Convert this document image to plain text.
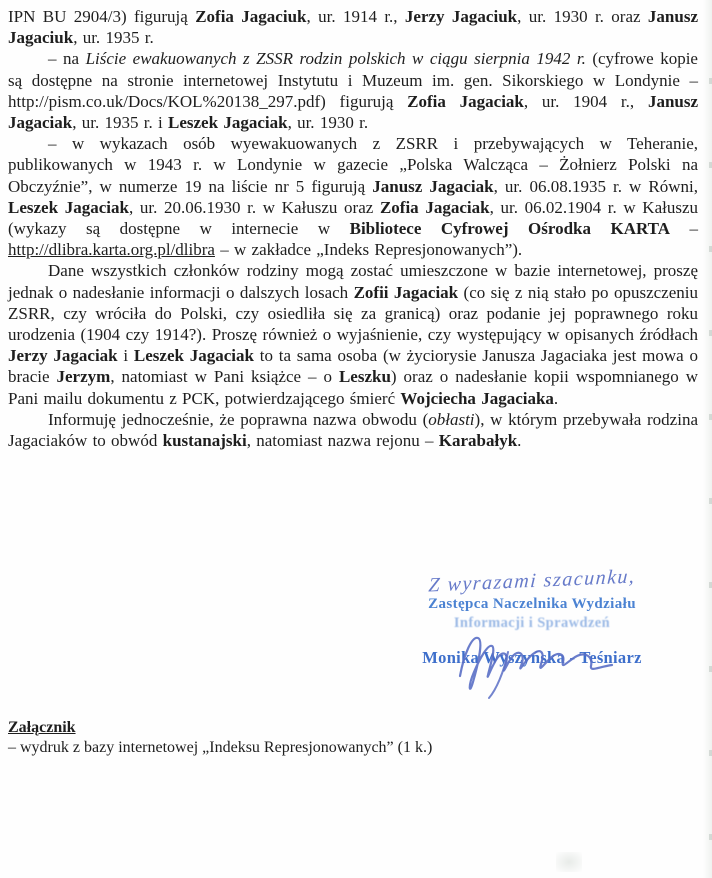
IPN BU 2904/3) figurują Zofia Jagaciuk, ur. 1914 r., Jerzy Jagaciuk, ur. 1930 r. oraz Janusz Jagaciuk, ur. 1935 r.

– na Liście ewakuowanych z ZSSR rodzin polskich w ciągu sierpnia 1942 r. (cyfrowe kopie są dostępne na stronie internetowej Instytutu i Muzeum im. gen. Sikorskiego w Londynie – http://pism.co.uk/Docs/KOL%20138_297.pdf) figurują Zofia Jagaciak, ur. 1904 r., Janusz Jagaciak, ur. 1935 r. i Leszek Jagaciak, ur. 1930 r.

– w wykazach osób wyewakuowanych z ZSRR i przebywających w Teheranie, publikowanych w 1943 r. w Londynie w gazecie „Polska Walcząca – Żołnierz Polski na Obczyźnie”, w numerze 19 na liście nr 5 figurują Janusz Jagaciak, ur. 06.08.1935 r. w Równi, Leszek Jagaciak, ur. 20.06.1930 r. w Kałuszu oraz Zofia Jagaciak, ur. 06.02.1904 r. w Kałuszu (wykazy są dostępne w internecie w Bibliotece Cyfrowej Ośrodka KARTA – http://dlibra.karta.org.pl/dlibra – w zakładce „Indeks Represjonowanych”).

Dane wszystkich członków rodziny mogą zostać umieszczone w bazie internetowej, proszę jednak o nadesłanie informacji o dalszych losach Zofii Jagaciak (co się z nią stało po opuszczeniu ZSRR, czy wróciła do Polski, czy osiedliła się za granicą) oraz podanie jej poprawnego roku urodzenia (1904 czy 1914?). Proszę również o wyjaśnienie, czy występujący w opisanych źródłach Jerzy Jagaciak i Leszek Jagaciak to ta sama osoba (w życiorysie Janusza Jagaciaka jest mowa o bracie Jerzym, natomiast w Pani książce – o Leszku) oraz o nadesłanie kopii wspomnianego w Pani mailu dokumentu z PCK, potwierdzającego śmierć Wojciecha Jagaciaka.

Informuję jednocześnie, że poprawna nazwa obwodu (obłasti), w którym przebywała rodzina Jagaciaków to obwód kustanajski, natomiast nazwa rejonu – Karabałyk.

Z wyrazami szacunku,
Zastępca Naczelnika Wydziału
Informacji i Sprawdzeń
Monika Wyszyńska - Teśniarz
Załącznik
– wydruk z bazy internetowej „Indeksu Represjonowanych” (1 k.)
